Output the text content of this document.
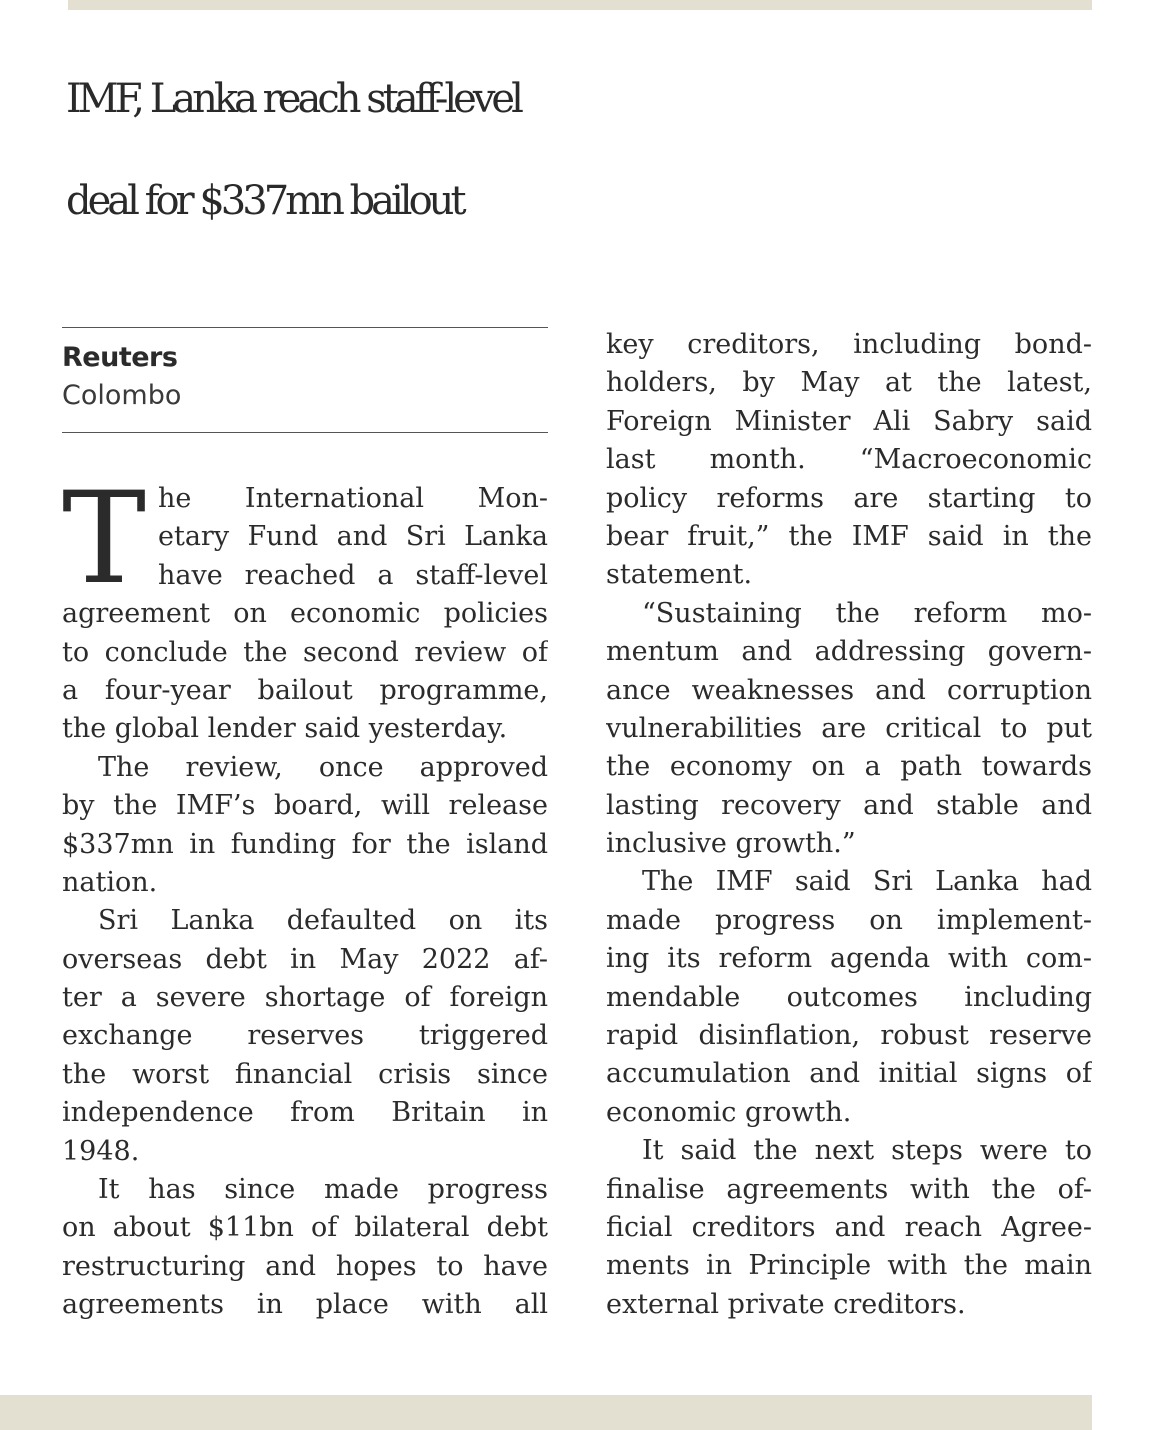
IMF, Lanka reach staff-level
deal for $337mn bailout
Reuters
Colombo
T he International Mon-
etary Fund and Sri Lanka
have reached a staff-level
agreement on economic policies
to conclude the second review of
a four-year bailout programme,
the global lender said yesterday.
The review, once approved
by the IMF’s board, will release
$337mn in funding for the island
nation.
Sri Lanka defaulted on its
overseas debt in May 2022 af-
ter a severe shortage of foreign
exchange reserves triggered
the worst financial crisis since
independence from Britain in
1948.
It has since made progress
on about $11bn of bilateral debt
restructuring and hopes to have
agreements in place with all
key creditors, including bond-
holders, by May at the latest,
Foreign Minister Ali Sabry said
last month. “Macroeconomic
policy reforms are starting to
bear fruit,” the IMF said in the
statement.
“Sustaining the reform mo-
mentum and addressing govern-
ance weaknesses and corruption
vulnerabilities are critical to put
the economy on a path towards
lasting recovery and stable and
inclusive growth.”
The IMF said Sri Lanka had
made progress on implement-
ing its reform agenda with com-
mendable outcomes including
rapid disinflation, robust reserve
accumulation and initial signs of
economic growth.
It said the next steps were to
finalise agreements with the of-
ficial creditors and reach Agree-
ments in Principle with the main
external private creditors.
